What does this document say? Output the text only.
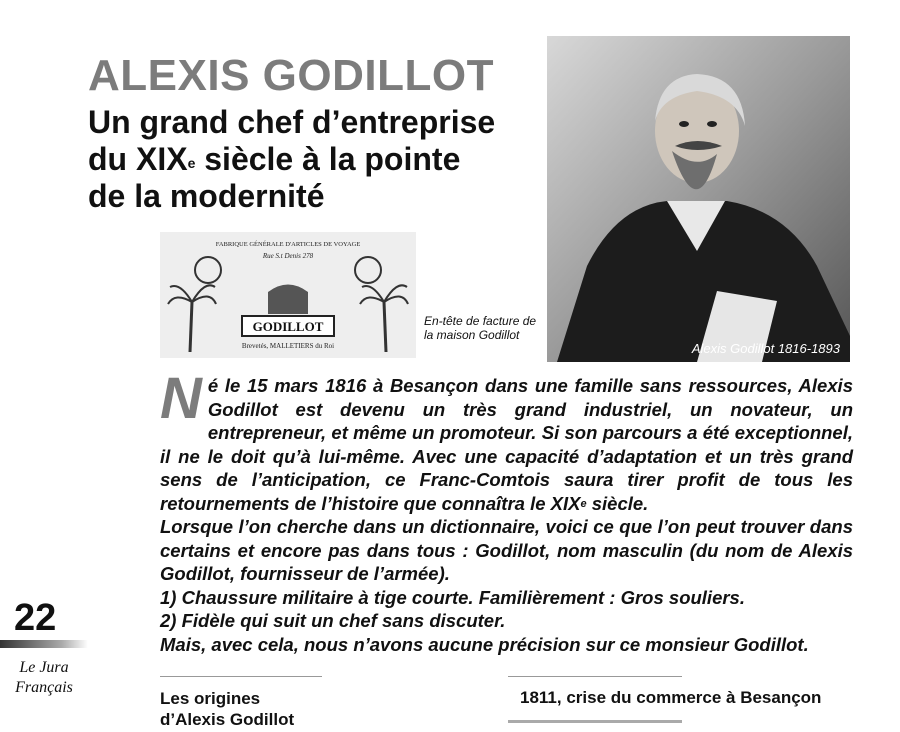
ALEXIS GODILLOT
Un grand chef d’entreprise
du XIXe siècle à la pointe
de la modernité
Alexis Godillot 1816-1893
GODILLOT
FABRIQUE GÉNÉRALE D'ARTICLES DE VOYAGE
Rue S.t Denis 278
Brevetés, MALLETIERS du Roi
En-tête de facture de la maison Godillot

Né le 15 mars 1816 à Besançon dans une famille sans ressources, Alexis Godillot est devenu un très grand industriel, un novateur, un entrepreneur, et même un promoteur. Si son parcours a été exceptionnel, il ne le doit qu’à lui-même. Avec une capacité d’adaptation et un très grand sens de l’anticipation, ce Franc-Comtois saura tirer profit de tous les retournements de l’histoire que connaîtra le XIXe siècle.

Lorsque l’on cherche dans un dictionnaire, voici ce que l’on peut trouver dans certains et encore pas dans tous : Godillot, nom masculin (du nom de Alexis Godillot, fournisseur de l’armée).

1) Chaussure militaire à tige courte. Familièrement : Gros souliers.

2) Fidèle qui suit un chef sans discuter.

Mais, avec cela, nous n’avons aucune précision sur ce monsieur Godillot.

22
Le Jura
Français
Les origines
d’Alexis Godillot
1811, crise du commerce à Besançon
